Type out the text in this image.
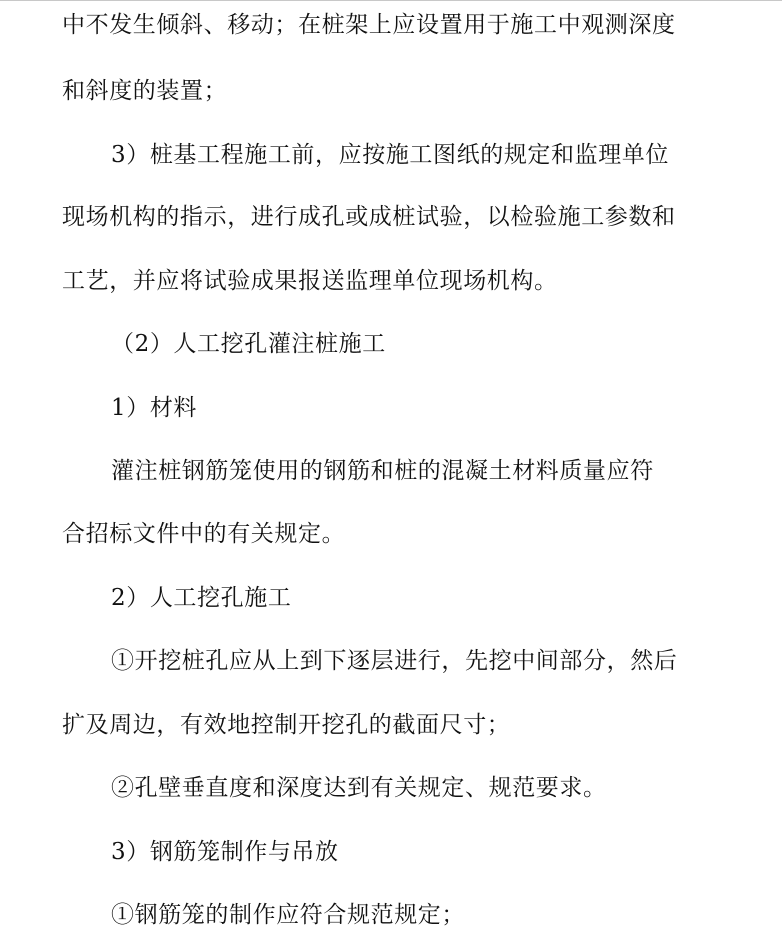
中不发生倾斜、移动；在桩架上应设置用于施工中观测深度
和斜度的装置；
3）桩基工程施工前，应按施工图纸的规定和监理单位
现场机构的指示，进行成孔或成桩试验，以检验施工参数和
工艺，并应将试验成果报送监理单位现场机构。
（2）人工挖孔灌注桩施工
1）材料
灌注桩钢筋笼使用的钢筋和桩的混凝土材料质量应符
合招标文件中的有关规定。
2）人工挖孔施工
①开挖桩孔应从上到下逐层进行，先挖中间部分，然后
扩及周边，有效地控制开挖孔的截面尺寸；
②孔壁垂直度和深度达到有关规定、规范要求。
3）钢筋笼制作与吊放
①钢筋笼的制作应符合规范规定；
